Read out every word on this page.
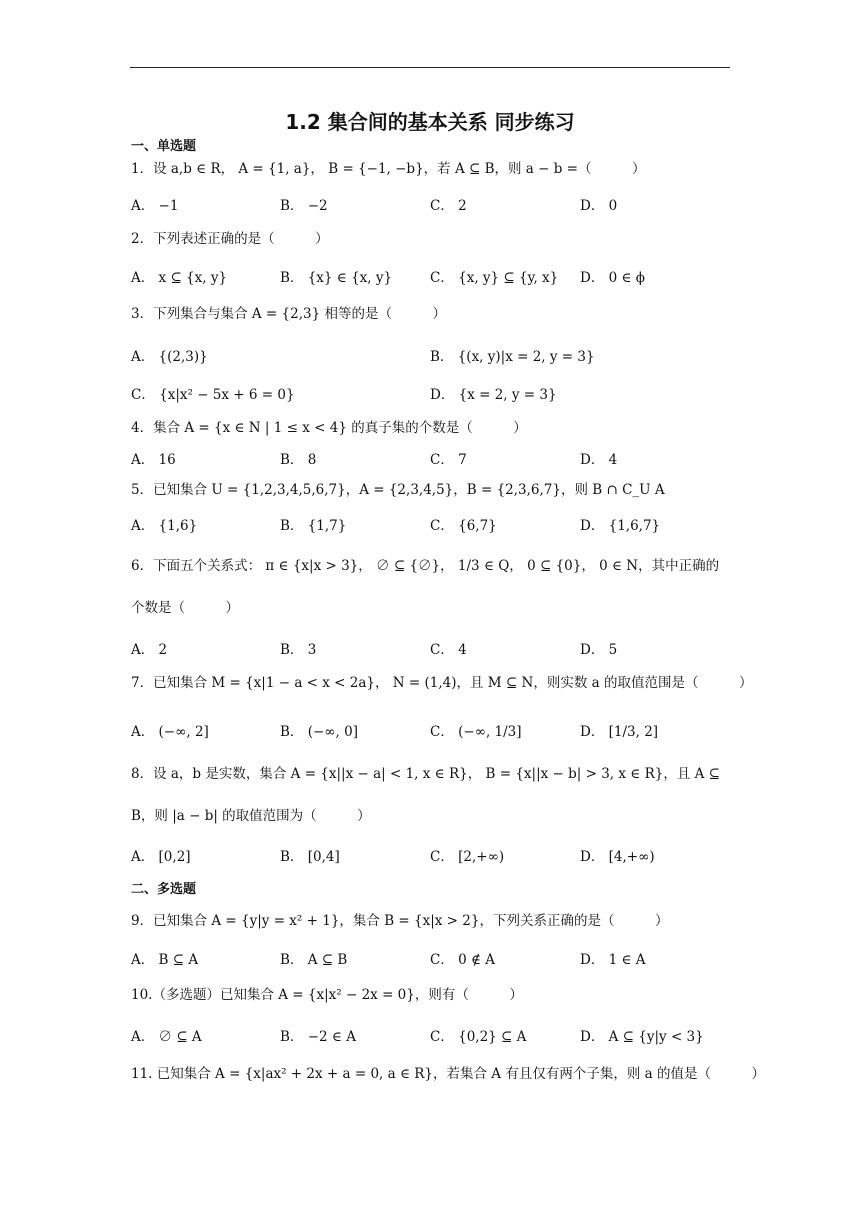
1.2 集合间的基本关系 同步练习
一、单选题
1．设 a,b ∈ R， A = {1, a}， B = {−1, −b}，若 A ⊆ B，则 a − b =（　　　）
A． −1	B． −2	C． 2	D． 0
2．下列表述正确的是（　　　）
A． x ⊆ {x, y}	B． {x} ∈ {x, y}	C． {x, y} ⊆ {y, x} D． 0 ∈ ϕ
3．下列集合与集合 A = {2,3} 相等的是（　　　）
A． {(2,3)}	B． {(x, y)|x = 2, y = 3}
C． {x|x² − 5x + 6 = 0}	D． {x = 2, y = 3}
4．集合 A = {x ∈ N | 1 ≤ x < 4} 的真子集的个数是（　　　）
A． 16	B． 8	C． 7	D． 4
5．已知集合 U = {1,2,3,4,5,6,7}，A = {2,3,4,5}，B = {2,3,6,7}，则 B ∩ C_U A
A． {1,6}	B． {1,7}	C． {6,7}	D． {1,6,7}
6．下面五个关系式： π ∈ {x|x > 3}， ∅ ⊆ {∅}， 1/3 ∈ Q， 0 ⊆ {0}， 0 ∈ N，其中正确的个数是（　　　）
A． 2	B． 3	C． 4	D． 5
7．已知集合 M = {x|1 − a < x < 2a}， N = (1,4)，且 M ⊆ N，则实数 a 的取值范围是（　　　）
A． (−∞, 2]	B． (−∞, 0]	C． (−∞, 1/3]	D． [1/3, 2]
8．设 a，b 是实数，集合 A = {x||x − a| < 1, x ∈ R}， B = {x||x − b| > 3, x ∈ R}，且 A ⊆ B，则 |a − b| 的取值范围为（　　　）
A． [0,2]	B． [0,4]	C． [2,+∞)	D． [4,+∞)
二、多选题
9．已知集合 A = {y|y = x² + 1}，集合 B = {x|x > 2}，下列关系正确的是（　　　）
A． B ⊆ A	B． A ⊆ B	C． 0 ∉ A	D． 1 ∈ A
10.（多选题）已知集合 A = {x|x² − 2x = 0}，则有（　　　）
A． ∅ ⊆ A	B． −2 ∈ A	C． {0,2} ⊆ A	D． A ⊆ {y|y < 3}
11. 已知集合 A = {x|ax² + 2x + a = 0, a ∈ R}，若集合 A 有且仅有两个子集，则 a 的值是（　　　）
